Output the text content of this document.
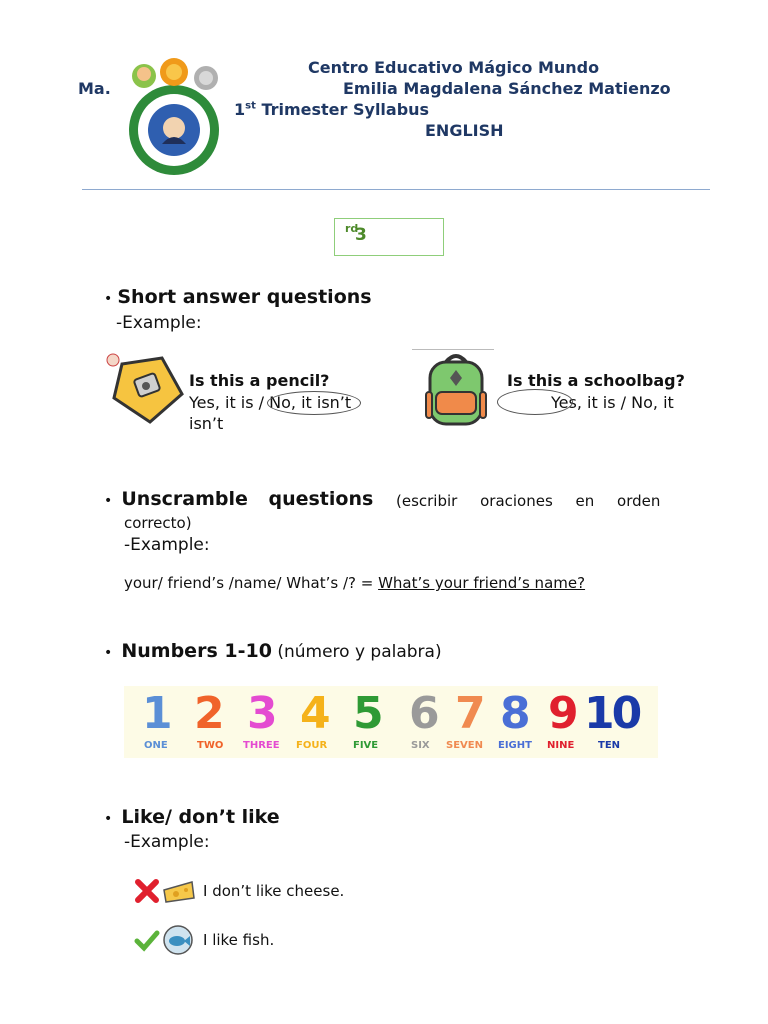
Centro Educativo Mágico Mundo
Ma.	Emilia Magdalena Sánchez Matienzo
1st Trimester Syllabus
ENGLISH
3
$^{rd}$
• Short answer questions
-Example:
Is this a pencil?
Yes, it is / No, it isn’t
isn’t
Is this a schoolbag?
Yes, it is / No, it
• Unscramble questions	(escribir oraciones en orden correcto)
-Example:
your/ friend’s /name/ What’s /? = What’s your friend’s name?
• Numbers 1-10 (número y palabra)
1
ONE
2
TWO
3
THREE
4
FOUR
5
FIVE
6
SIX
7
SEVEN
8
EIGHT
9
NINE
10
TEN
• Like/ don’t like
-Example:
I don’t like cheese.
I like fish.
